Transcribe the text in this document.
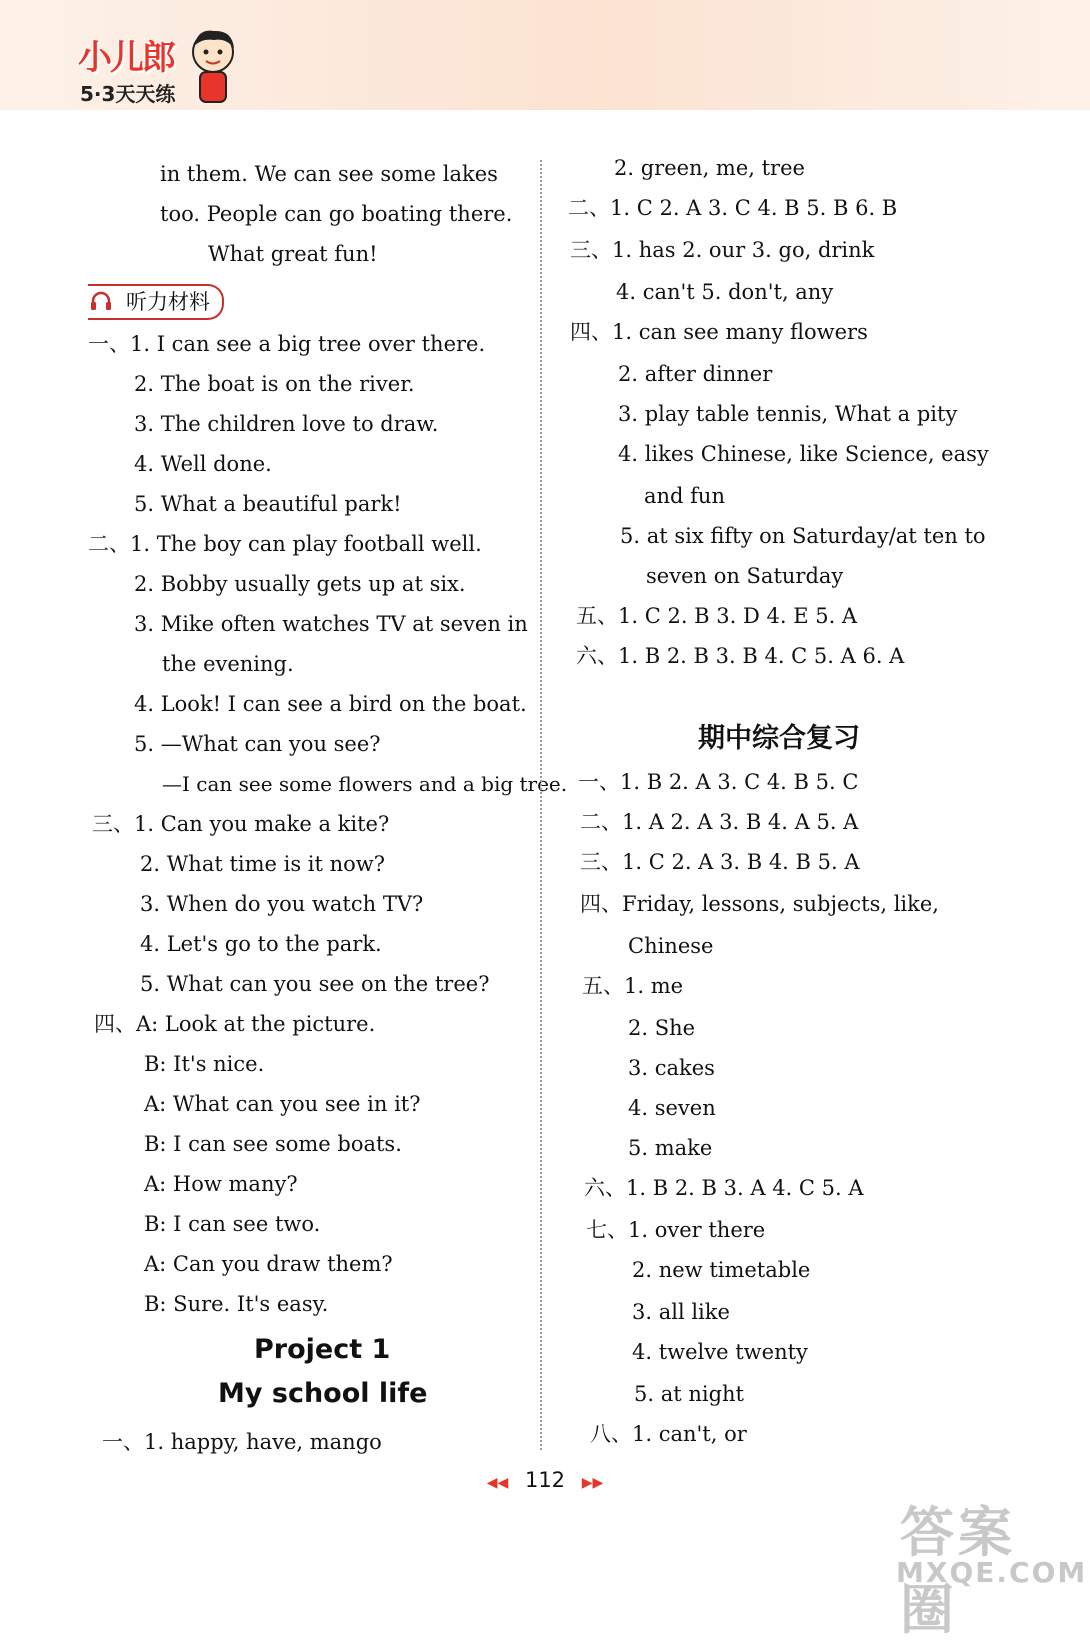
小儿郎
5·3天天练
in them. We can see some lakes
too. People can go boating there.
What great fun!
听力材料
一、1. I can see a big tree over there.
2. The boat is on the river.
3. The children love to draw.
4. Well done.
5. What a beautiful park!
二、1. The boy can play football well.
2. Bobby usually gets up at six.
3. Mike often watches TV at seven in
the evening.
4. Look! I can see a bird on the boat.
5. —What can you see?
—I can see some flowers and a big tree.
三、1. Can you make a kite?
2. What time is it now?
3. When do you watch TV?
4. Let's go to the park.
5. What can you see on the tree?
四、A: Look at the picture.
B: It's nice.
A: What can you see in it?
B: I can see some boats.
A: How many?
B: I can see two.
A: Can you draw them?
B: Sure. It's easy.
Project 1
My school life
一、1. happy, have, mango
2. green, me, tree
二、1. C 2. A 3. C 4. B 5. B 6. B
三、1. has 2. our 3. go, drink
4. can't 5. don't, any
四、1. can see many flowers
2. after dinner
3. play table tennis, What a pity
4. likes Chinese, like Science, easy
and fun
5. at six fifty on Saturday/at ten to
seven on Saturday
五、1. C 2. B 3. D 4. E 5. A
六、1. B 2. B 3. B 4. C 5. A 6. A
期中综合复习
一、1. B 2. A 3. C 4. B 5. C
二、1. A 2. A 3. B 4. A 5. A
三、1. C 2. A 3. B 4. B 5. A
四、Friday, lessons, subjects, like,
Chinese
五、1. me
2. She
3. cakes
4. seven
5. make
六、1. B 2. B 3. A 4. C 5. A
七、1. over there
2. new timetable
3. all like
4. twelve twenty
5. at night
八、1. can't, or
◀◀ 112 ▶▶
答案圈
MXQE.COM
